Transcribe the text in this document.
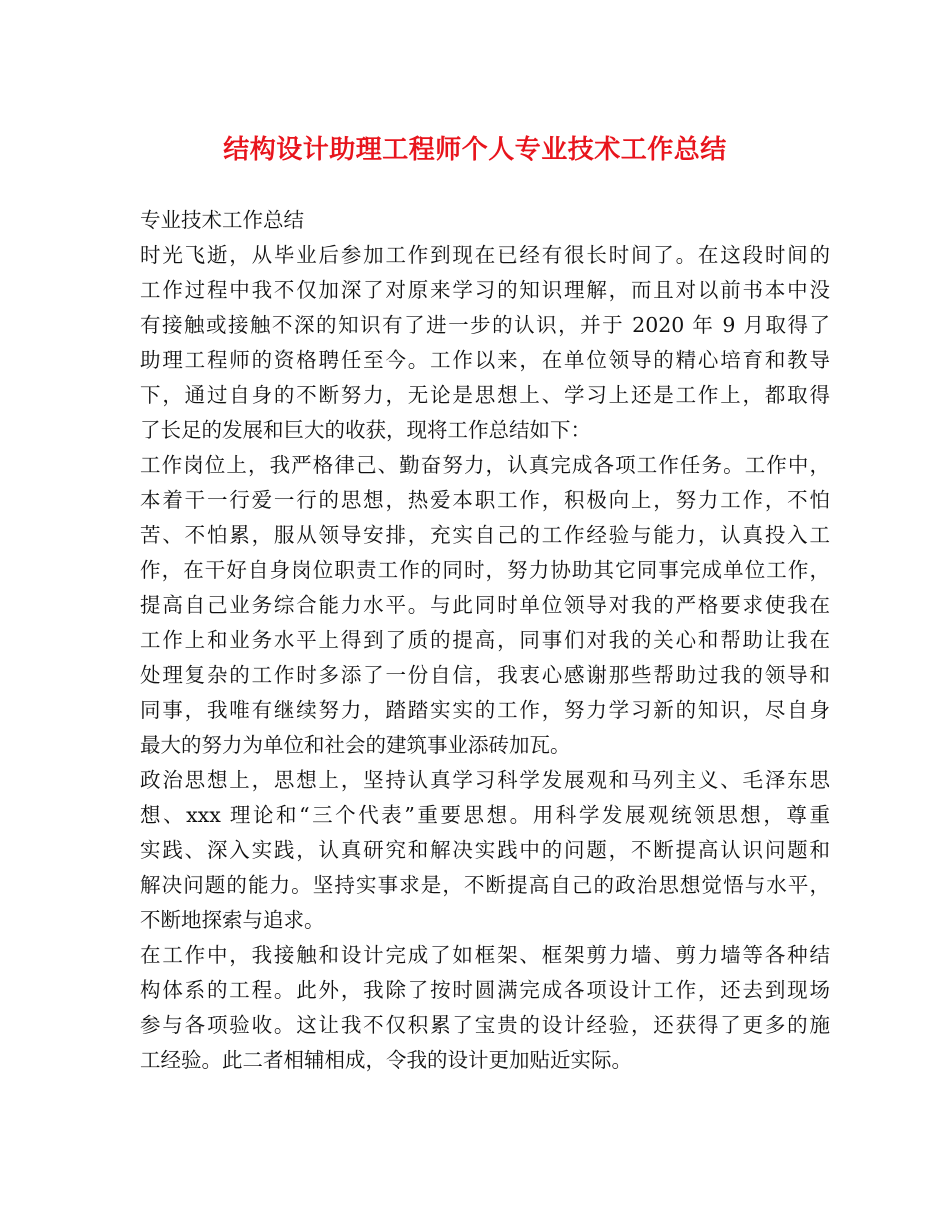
结构设计助理工程师个人专业技术工作总结
专业技术工作总结
时光飞逝，从毕业后参加工作到现在已经有很长时间了。在这段时间的
工作过程中我不仅加深了对原来学习的知识理解，而且对以前书本中没
有接触或接触不深的知识有了进一步的认识，并于 2020 年 9 月取得了
助理工程师的资格聘任至今。工作以来，在单位领导的精心培育和教导
下，通过自身的不断努力，无论是思想上、学习上还是工作上，都取得
了长足的发展和巨大的收获，现将工作总结如下：
工作岗位上，我严格律己、勤奋努力，认真完成各项工作任务。工作中，
本着干一行爱一行的思想，热爱本职工作，积极向上，努力工作，不怕
苦、不怕累，服从领导安排，充实自己的工作经验与能力，认真投入工
作，在干好自身岗位职责工作的同时，努力协助其它同事完成单位工作，
提高自己业务综合能力水平。与此同时单位领导对我的严格要求使我在
工作上和业务水平上得到了质的提高，同事们对我的关心和帮助让我在
处理复杂的工作时多添了一份自信，我衷心感谢那些帮助过我的领导和
同事，我唯有继续努力，踏踏实实的工作，努力学习新的知识，尽自身
最大的努力为单位和社会的建筑事业添砖加瓦。
政治思想上，思想上，坚持认真学习科学发展观和马列主义、毛泽东思
想、xxx 理论和“三个代表”重要思想。用科学发展观统领思想，尊重
实践、深入实践，认真研究和解决实践中的问题，不断提高认识问题和
解决问题的能力。坚持实事求是，不断提高自己的政治思想觉悟与水平，
不断地探索与追求。
在工作中，我接触和设计完成了如框架、框架剪力墙、剪力墙等各种结
构体系的工程。此外，我除了按时圆满完成各项设计工作，还去到现场
参与各项验收。这让我不仅积累了宝贵的设计经验，还获得了更多的施
工经验。此二者相辅相成，令我的设计更加贴近实际。
